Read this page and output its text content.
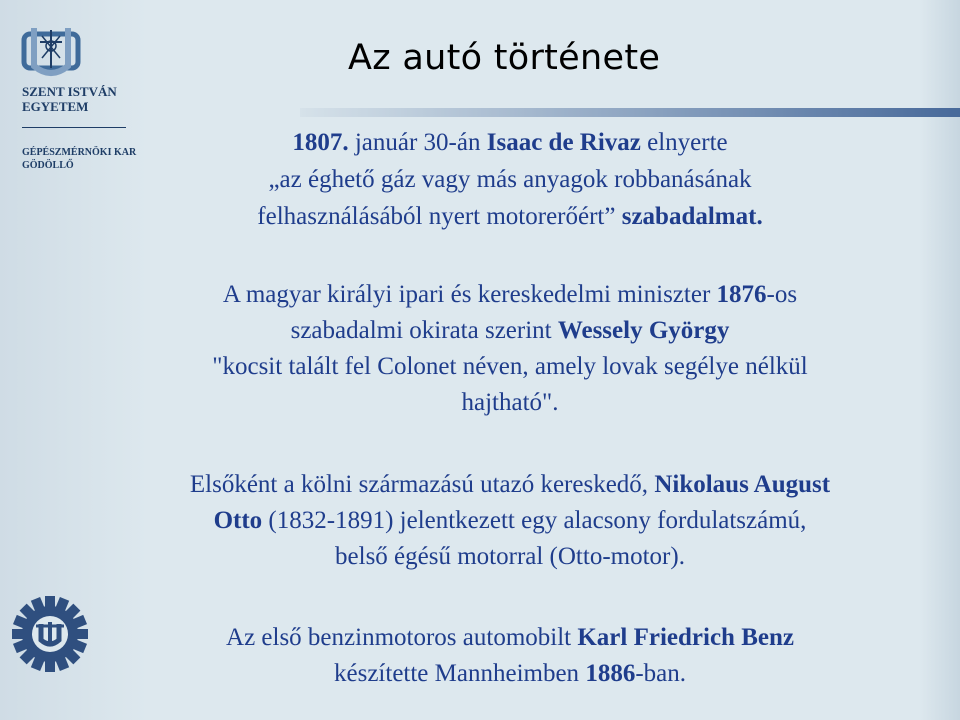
SZENT ISTVÁN
EGYETEM
GÉPÉSZMÉRNÖKI KAR
GÖDÖLLŐ
Az autó története
1807. január 30-án Isaac de Rivaz elnyerte
„az éghető gáz vagy más anyagok robbanásának
felhasználásából nyert motorerőért” szabadalmat.
A magyar királyi ipari és kereskedelmi miniszter 1876-os
szabadalmi okirata szerint Wessely György
"kocsit talált fel Colonet néven, amely lovak segélye nélkül
hajtható".
Elsőként a kölni származású utazó kereskedő, Nikolaus August
Otto (1832-1891) jelentkezett egy alacsony fordulatszámú,
belső égésű motorral (Otto-motor).
Az első benzinmotoros automobilt Karl Friedrich Benz
készítette Mannheimben 1886-ban.
